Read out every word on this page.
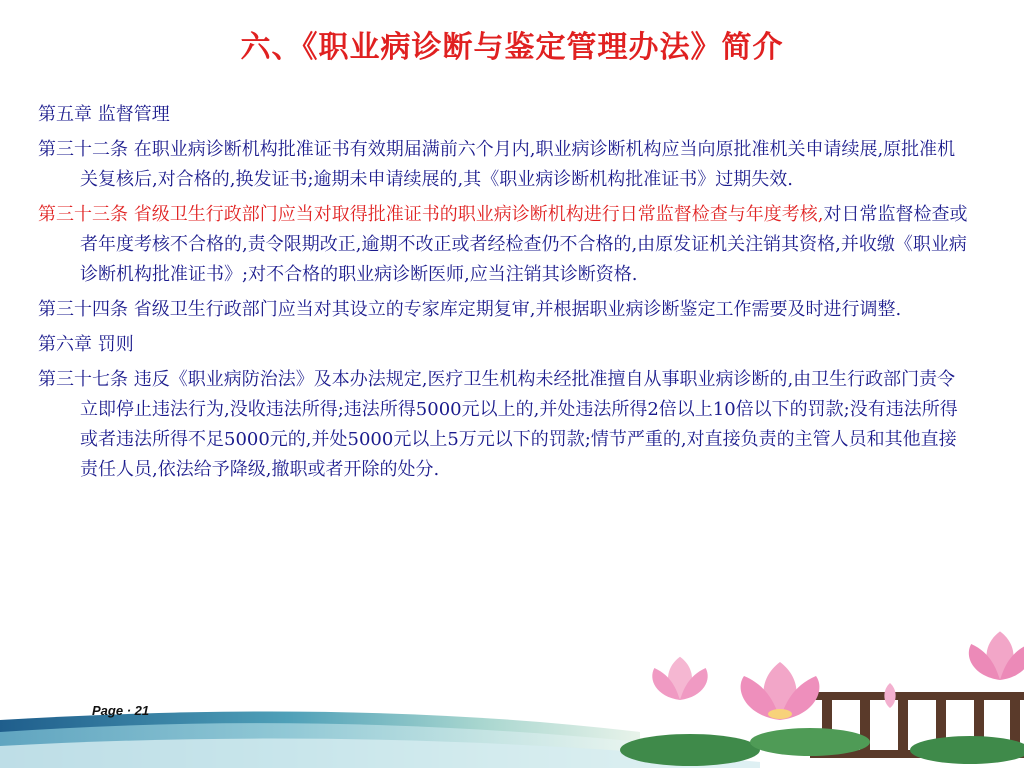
六、《职业病诊断与鉴定管理办法》简介

第五章 监督管理

第三十二条 在职业病诊断机构批准证书有效期届满前六个月内,职业病诊断机构应当向原批准机关申请续展,原批准机关复核后,对合格的,换发证书;逾期未申请续展的,其《职业病诊断机构批准证书》过期失效.

第三十三条 省级卫生行政部门应当对取得批准证书的职业病诊断机构进行日常监督检查与年度考核,对日常监督检查或者年度考核不合格的,责令限期改正,逾期不改正或者经检查仍不合格的,由原发证机关注销其资格,并收缴《职业病诊断机构批准证书》;对不合格的职业病诊断医师,应当注销其诊断资格.

第三十四条 省级卫生行政部门应当对其设立的专家库定期复审,并根据职业病诊断鉴定工作需要及时进行调整.

第六章 罚则

第三十七条 违反《职业病防治法》及本办法规定,医疗卫生机构未经批准擅自从事职业病诊断的,由卫生行政部门责令立即停止违法行为,没收违法所得;违法所得5000元以上的,并处违法所得2倍以上10倍以下的罚款;没有违法所得或者违法所得不足5000元的,并处5000元以上5万元以下的罚款;情节严重的,对直接负责的主管人员和其他直接责任人员,依法给予降级,撤职或者开除的处分.

Page · 21
